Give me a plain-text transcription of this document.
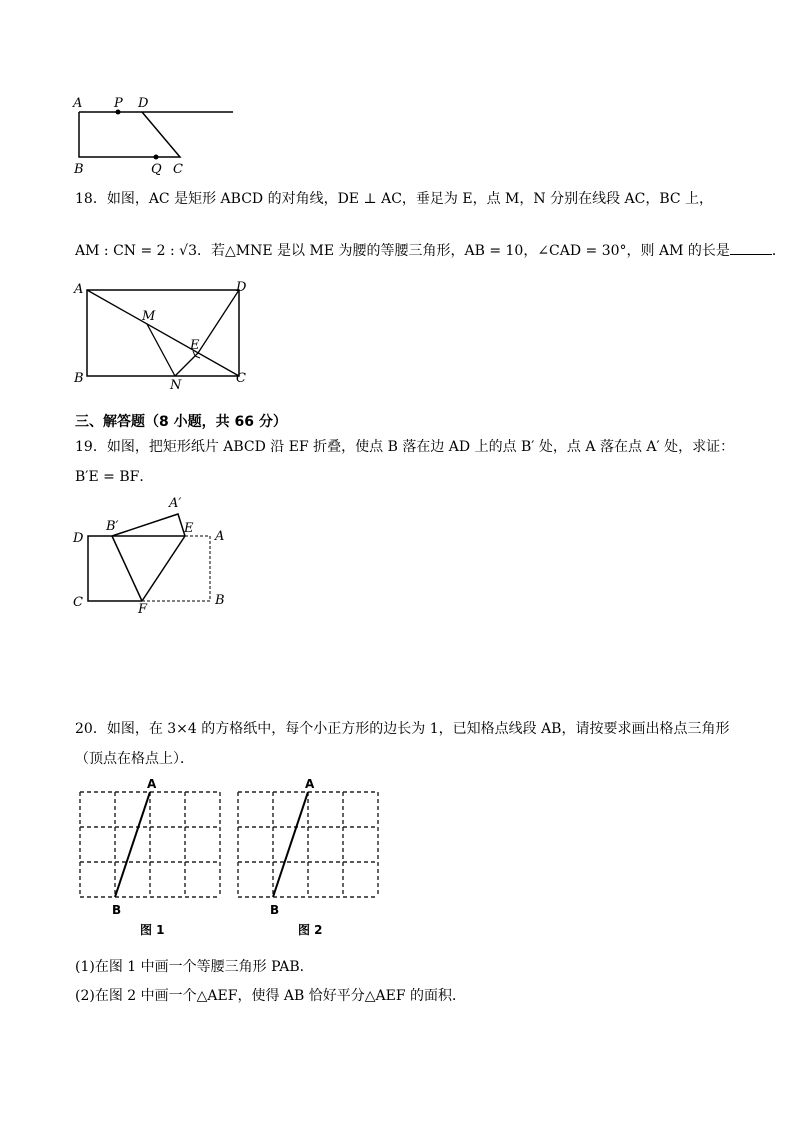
A P D
B	Q C
18．如图，AC 是矩形 ABCD 的对角线，DE ⊥ AC，垂足为 E，点 M，N 分别在线段 AC，BC 上，
AM : CN = 2 : √3．若△MNE 是以 ME 为腰的等腰三角形，AB = 10，∠CAD = 30°，则 AM 的长是	．
A	D
M
E
B	N	C
三、解答题（8 小题，共 66 分）
19．如图，把矩形纸片 ABCD 沿 EF 折叠，使点 B 落在边 AD 上的点 B′ 处，点 A 落在点 A′ 处，求证：
B′E = BF．
A′
B′	E
D	A
C	F
B
20．如图，在 3×4 的方格纸中，每个小正方形的边长为 1，已知格点线段 AB，请按要求画出格点三角形
（顶点在格点上）．
A
B
图 1
A
B
图 2
(1)在图 1 中画一个等腰三角形 PAB．
(2)在图 2 中画一个△AEF，使得 AB 恰好平分△AEF 的面积．
